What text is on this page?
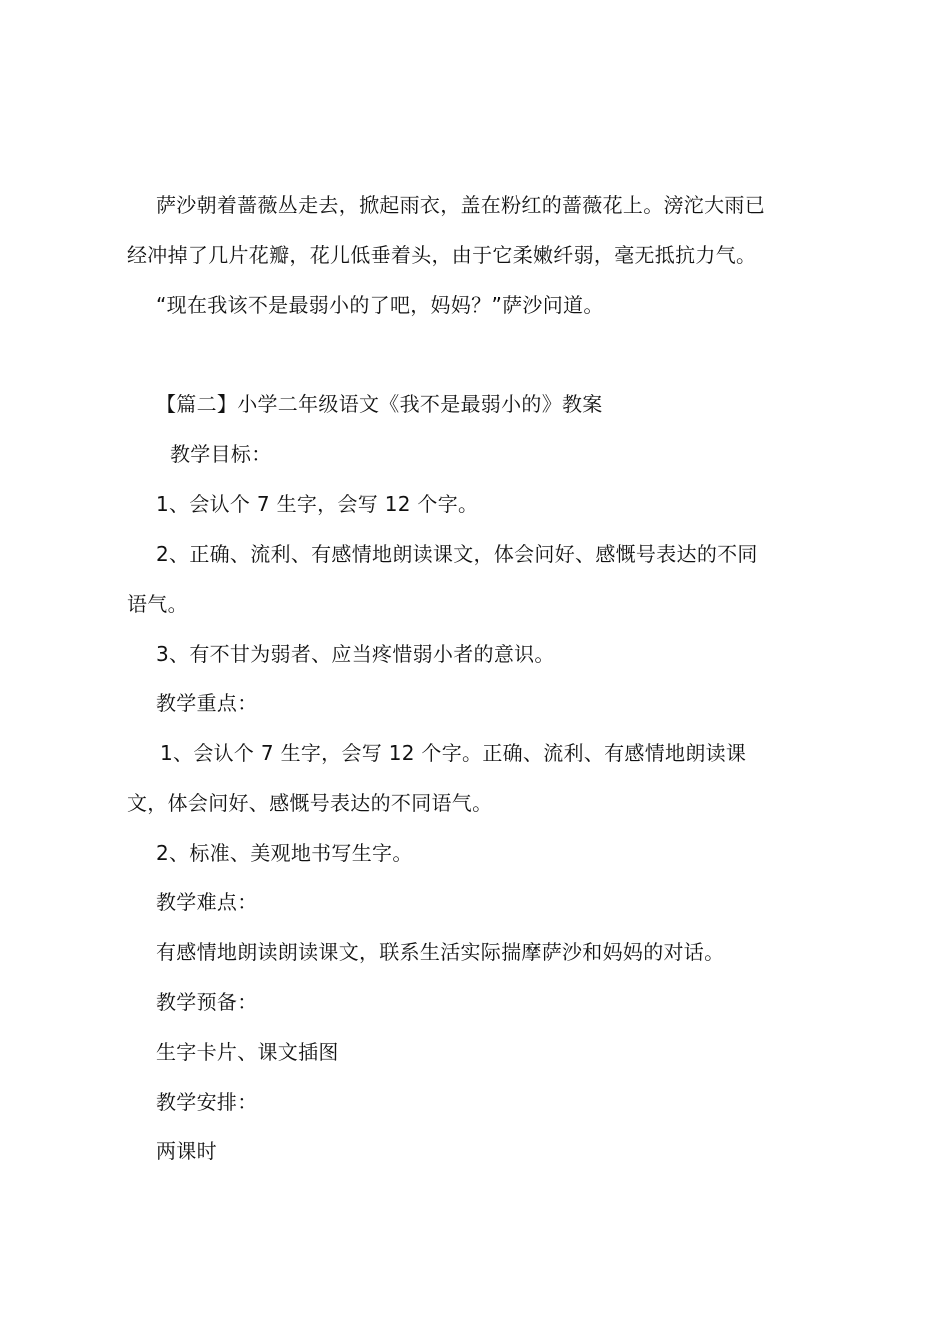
萨沙朝着蔷薇丛走去，掀起雨衣，盖在粉红的蔷薇花上。滂沱大雨已
经冲掉了几片花瓣，花儿低垂着头，由于它柔嫩纤弱，毫无抵抗力气。
“现在我该不是最弱小的了吧，妈妈？”萨沙问道。
【篇二】小学二年级语文《我不是最弱小的》教案
教学目标：
1、会认个 7 生字，会写 12 个字。
2、正确、流利、有感情地朗读课文，体会问好、感慨号表达的不同
语气。
3、有不甘为弱者、应当疼惜弱小者的意识。
教学重点：
1、会认个 7 生字，会写 12 个字。正确、流利、有感情地朗读课
文，体会问好、感慨号表达的不同语气。
2、标准、美观地书写生字。
教学难点：
有感情地朗读朗读课文，联系生活实际揣摩萨沙和妈妈的对话。
教学预备：
生字卡片、课文插图
教学安排：
两课时
